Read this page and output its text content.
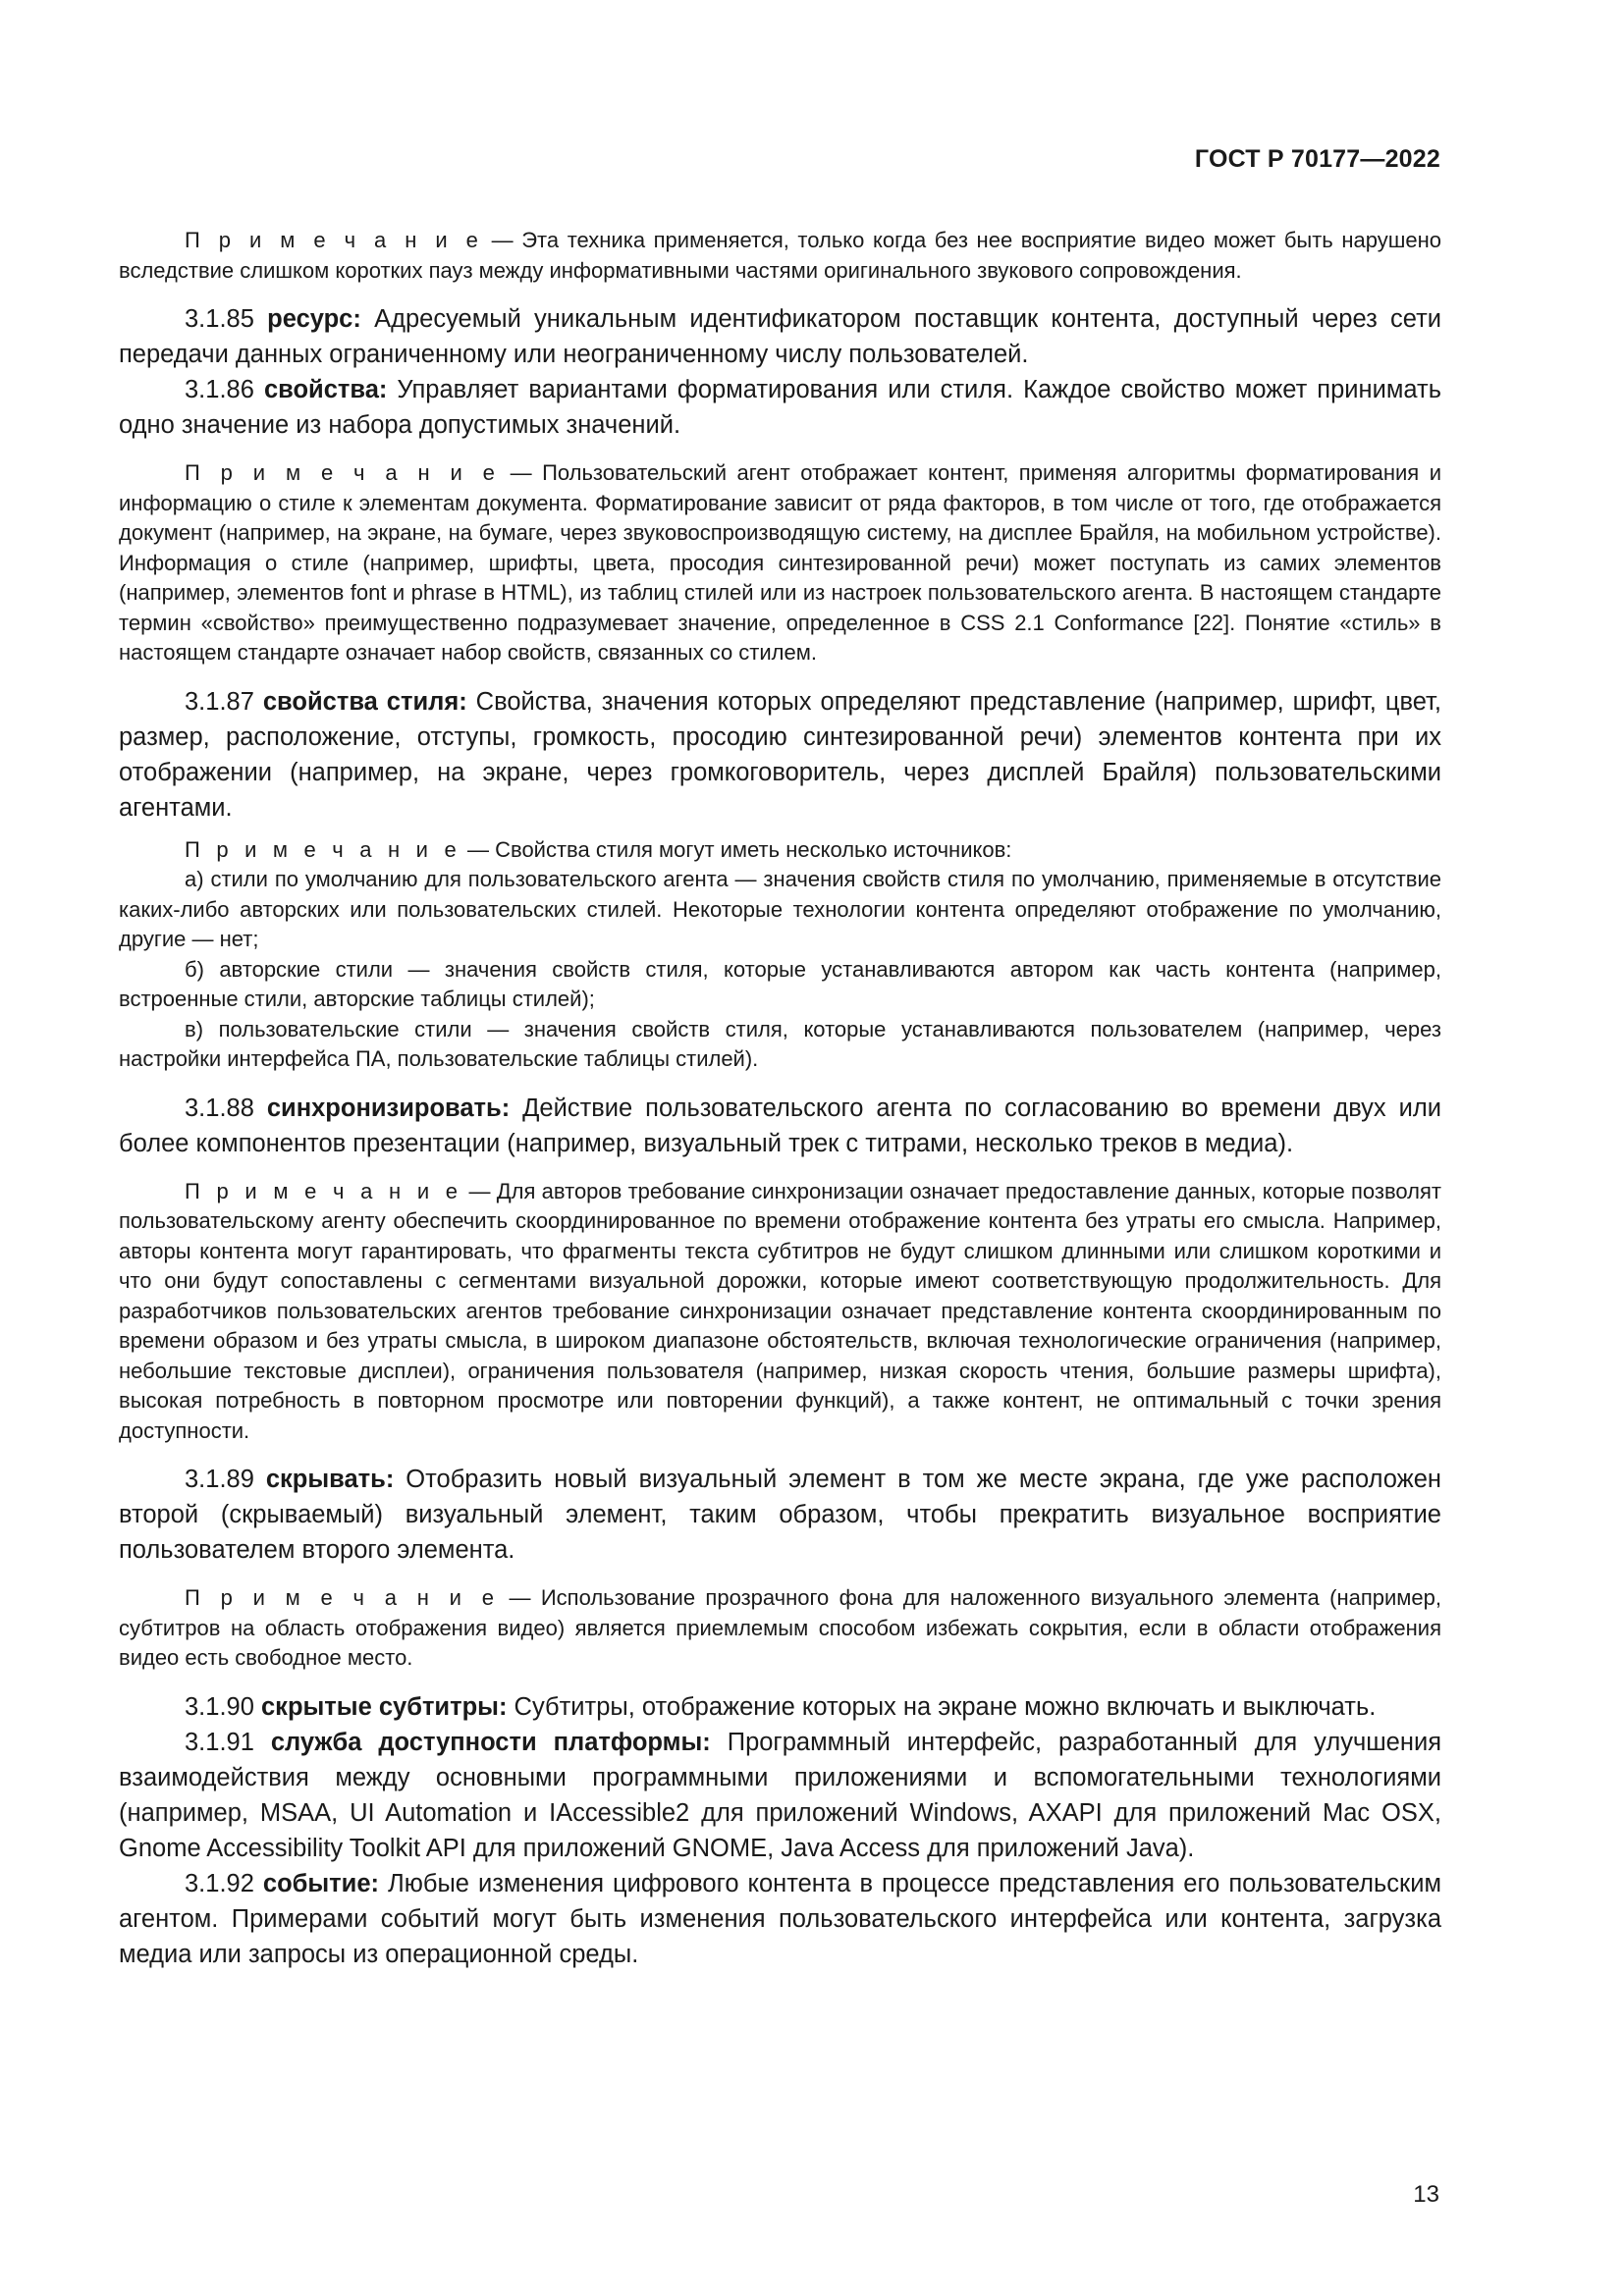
ГОСТ Р 70177—2022

П р и м е ч а н и е — Эта техника применяется, только когда без нее восприятие видео может быть нарушено вследствие слишком коротких пауз между информативными частями оригинального звукового сопровождения.

3.1.85 ресурс: Адресуемый уникальным идентификатором поставщик контента, доступный через сети передачи данных ограниченному или неограниченному числу пользователей.

3.1.86 свойства: Управляет вариантами форматирования или стиля. Каждое свойство может принимать одно значение из набора допустимых значений.

П р и м е ч а н и е — Пользовательский агент отображает контент, применяя алгоритмы форматирования и информацию о стиле к элементам документа. Форматирование зависит от ряда факторов, в том числе от того, где отображается документ (например, на экране, на бумаге, через звуковоспроизводящую систему, на дисплее Брайля, на мобильном устройстве). Информация о стиле (например, шрифты, цвета, просодия синтезированной речи) может поступать из самих элементов (например, элементов font и phrase в HTML), из таблиц стилей или из настроек пользовательского агента. В настоящем стандарте термин «свойство» преимущественно подразумевает значение, определенное в CSS 2.1 Conformance [22]. Понятие «стиль» в настоящем стандарте означает набор свойств, связанных со стилем.

3.1.87 свойства стиля: Свойства, значения которых определяют представление (например, шрифт, цвет, размер, расположение, отступы, громкость, просодию синтезированной речи) элементов контента при их отображении (например, на экране, через громкоговоритель, через дисплей Брайля) пользовательскими агентами.

П р и м е ч а н и е — Свойства стиля могут иметь несколько источников:

а) стили по умолчанию для пользовательского агента — значения свойств стиля по умолчанию, применяемые в отсутствие каких-либо авторских или пользовательских стилей. Некоторые технологии контента определяют отображение по умолчанию, другие — нет;

б) авторские стили — значения свойств стиля, которые устанавливаются автором как часть контента (например, встроенные стили, авторские таблицы стилей);

в) пользовательские стили — значения свойств стиля, которые устанавливаются пользователем (например, через настройки интерфейса ПА, пользовательские таблицы стилей).

3.1.88 синхронизировать: Действие пользовательского агента по согласованию во времени двух или более компонентов презентации (например, визуальный трек с титрами, несколько треков в медиа).

П р и м е ч а н и е — Для авторов требование синхронизации означает предоставление данных, которые позволят пользовательскому агенту обеспечить скоординированное по времени отображение контента без утраты его смысла. Например, авторы контента могут гарантировать, что фрагменты текста субтитров не будут слишком длинными или слишком короткими и что они будут сопоставлены с сегментами визуальной дорожки, которые имеют соответствующую продолжительность. Для разработчиков пользовательских агентов требование синхронизации означает представление контента скоординированным по времени образом и без утраты смысла, в широком диапазоне обстоятельств, включая технологические ограничения (например, небольшие текстовые дисплеи), ограничения пользователя (например, низкая скорость чтения, большие размеры шрифта), высокая потребность в повторном просмотре или повторении функций), а также контент, не оптимальный с точки зрения доступности.

3.1.89 скрывать: Отобразить новый визуальный элемент в том же месте экрана, где уже расположен второй (скрываемый) визуальный элемент, таким образом, чтобы прекратить визуальное восприятие пользователем второго элемента.

П р и м е ч а н и е — Использование прозрачного фона для наложенного визуального элемента (например, субтитров на область отображения видео) является приемлемым способом избежать сокрытия, если в области отображения видео есть свободное место.

3.1.90 скрытые субтитры: Субтитры, отображение которых на экране можно включать и выключать.

3.1.91 служба доступности платформы: Программный интерфейс, разработанный для улучшения взаимодействия между основными программными приложениями и вспомогательными технологиями (например, MSAA, UI Automation и IAccessible2 для приложений Windows, AXAPI для приложений Mac OSX, Gnome Accessibility Toolkit API для приложений GNOME, Java Access для приложений Java).

3.1.92 событие: Любые изменения цифрового контента в процессе представления его пользовательским агентом. Примерами событий могут быть изменения пользовательского интерфейса или контента, загрузка медиа или запросы из операционной среды.

13
